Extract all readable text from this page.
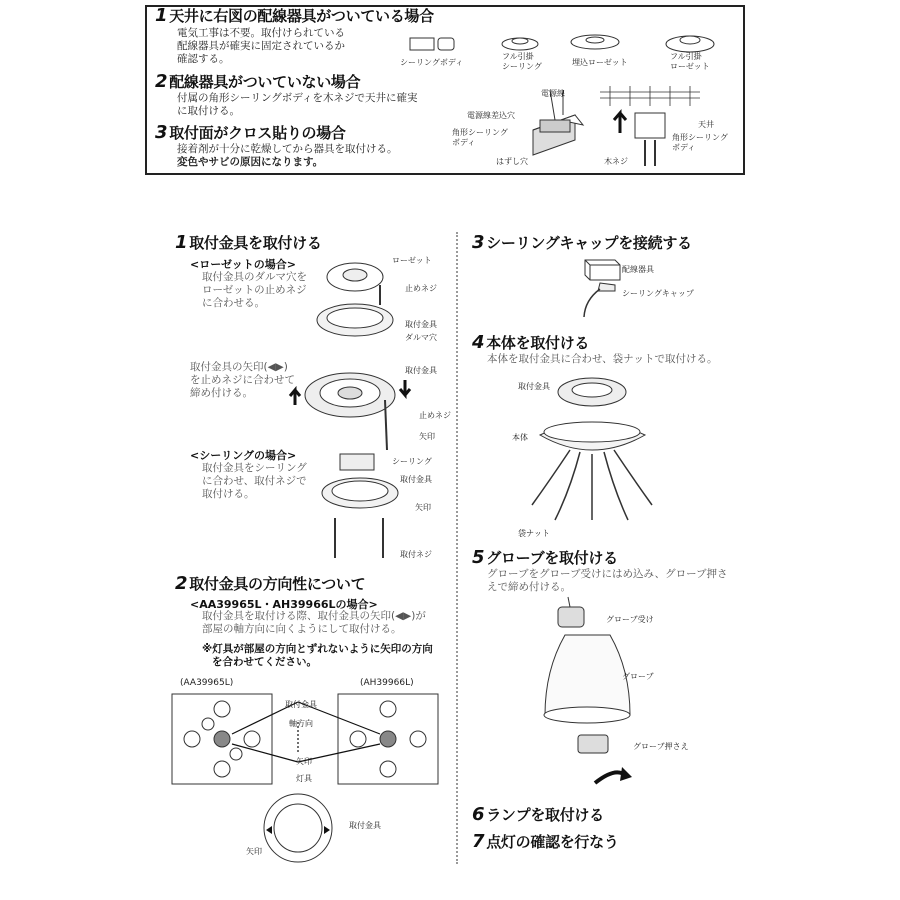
1 天井に右図の配線器具がついている場合
電気工事は不要。取付けられている
配線器具が確実に固定されているか
確認する。
2 配線器具がついていない場合
付属の角形シーリングボディを木ネジで天井に確実
に取付ける。
3 取付面がクロス貼りの場合
接着剤が十分に乾燥してから器具を取付ける。
変色やサビの原因になります。
シーリングボディ
フル引掛
シーリング	埋込ローゼット
フル引掛
ローゼット
電源線
電源線差込穴
角形シーリング
ボディ
はずし穴
天井
角形シーリング
ボディ
木ネジ
1 取付金具を取付ける
<ローゼットの場合>
取付金具のダルマ穴を
ローゼットの止めネジ
に合わせる。
ローゼット
止めネジ
取付金具
ダルマ穴
取付金具の矢印(◀▶)
を止めネジに合わせて
締め付ける。
取付金具
止めネジ
矢印
<シーリングの場合>
取付金具をシーリング
に合わせ、取付ネジで
取付ける。
シーリング
取付金具
矢印
取付ネジ
2 取付金具の方向性について
<AA39965L・AH39966Lの場合>
取付金具を取付ける際、取付金具の矢印(◀▶)が
部屋の軸方向に向くようにして取付ける。
※灯具が部屋の方向とずれないように矢印の方向
を合わせてください。
(AA39965L)	(AH39966L)
取付金具
軸方向
矢印
灯具
取付金具
矢印
3 シーリングキャップを接続する
配線器具
シーリングキャップ
4 本体を取付ける
本体を取付金具に合わせ、袋ナットで取付ける。
取付金具
本体
袋ナット
5 グローブを取付ける
グローブをグローブ受けにはめ込み、グローブ押さ
えで締め付ける。
グローブ受け
グローブ
グローブ押さえ
6 ランプを取付ける
7 点灯の確認を行なう
